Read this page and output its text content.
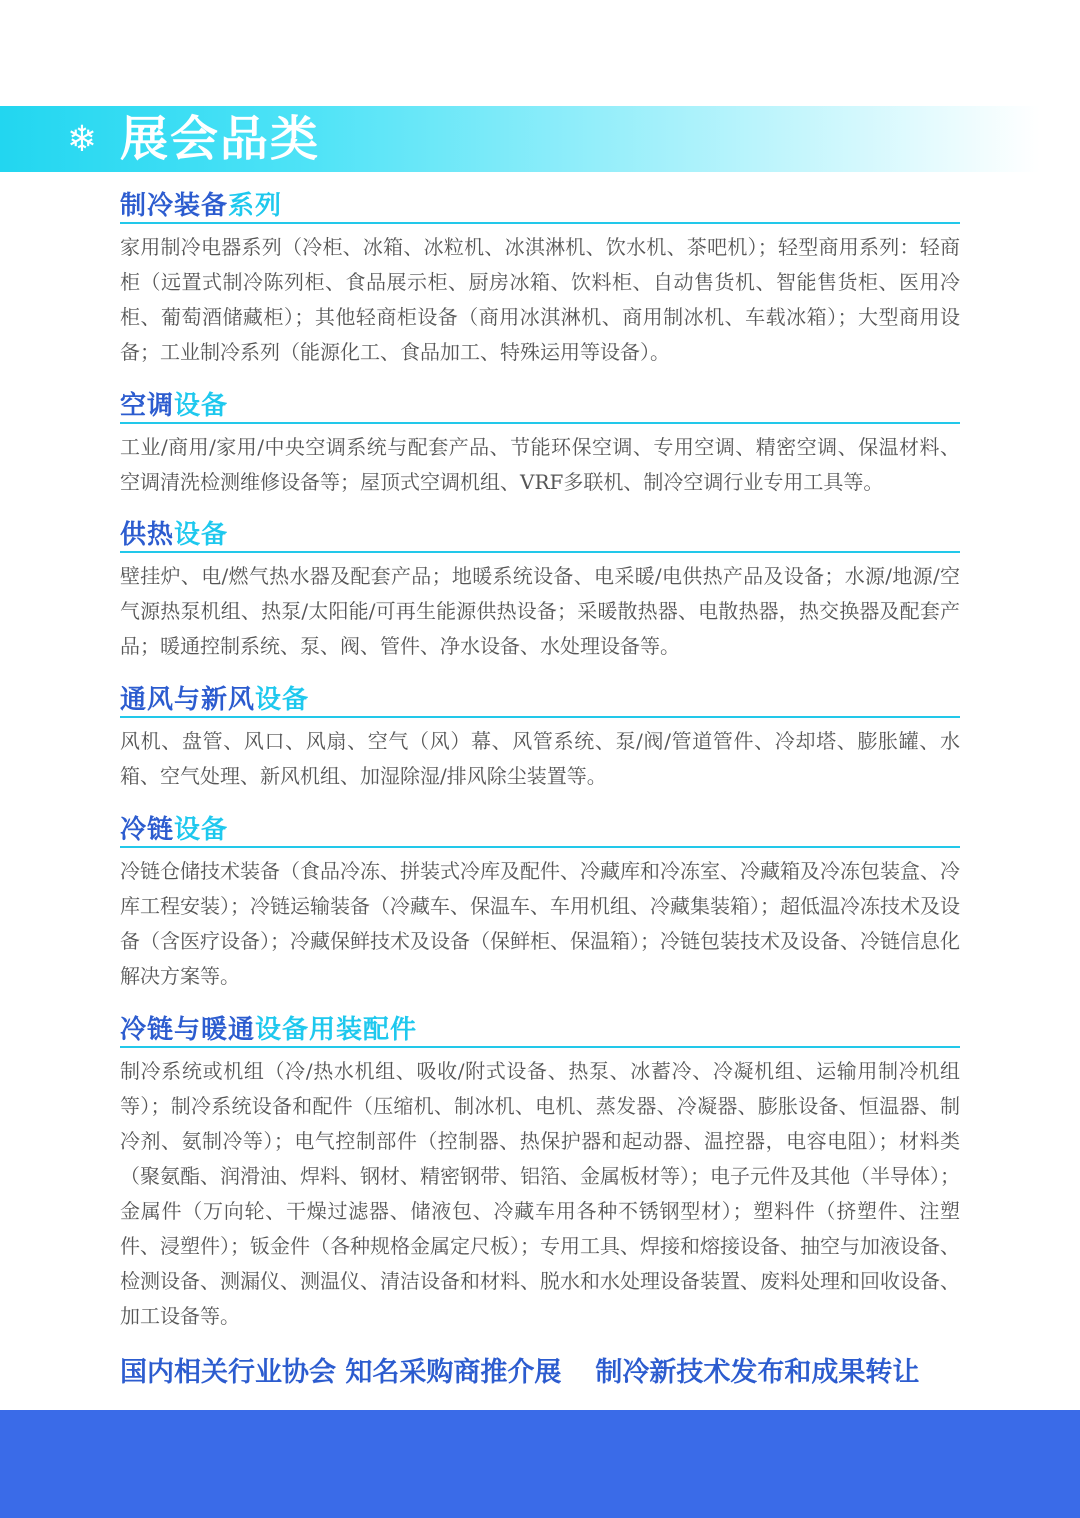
❄ 展会品类
制冷装备系列

家用制冷电器系列（冷柜、冰箱、冰粒机、冰淇淋机、饮水机、茶吧机）；轻型商用系列：轻商柜（远置式制冷陈列柜、食品展示柜、厨房冰箱、饮料柜、自动售货机、智能售货柜、医用冷柜、葡萄酒储藏柜）；其他轻商柜设备（商用冰淇淋机、商用制冰机、车载冰箱）；大型商用设备；工业制冷系列（能源化工、食品加工、特殊运用等设备）。

空调设备

工业/商用/家用/中央空调系统与配套产品、节能环保空调、专用空调、精密空调、保温材料、空调清洗检测维修设备等；屋顶式空调机组、VRF多联机、制冷空调行业专用工具等。

供热设备

壁挂炉、电/燃气热水器及配套产品；地暖系统设备、电采暖/电供热产品及设备；水源/地源/空气源热泵机组、热泵/太阳能/可再生能源供热设备；采暖散热器、电散热器，热交换器及配套产品；暖通控制系统、泵、阀、管件、净水设备、水处理设备等。

通风与新风设备

风机、盘管、风口、风扇、空气（风）幕、风管系统、泵/阀/管道管件、冷却塔、膨胀罐、水箱、空气处理、新风机组、加湿除湿/排风除尘装置等。

冷链设备

冷链仓储技术装备（食品冷冻、拼装式冷库及配件、冷藏库和冷冻室、冷藏箱及冷冻包装盒、冷库工程安装）；冷链运输装备（冷藏车、保温车、车用机组、冷藏集装箱）；超低温冷冻技术及设备（含医疗设备）；冷藏保鲜技术及设备（保鲜柜、保温箱）；冷链包装技术及设备、冷链信息化解决方案等。

冷链与暖通设备用装配件

制冷系统或机组（冷/热水机组、吸收/附式设备、热泵、冰蓄冷、冷凝机组、运输用制冷机组等）；制冷系统设备和配件（压缩机、制冰机、电机、蒸发器、冷凝器、膨胀设备、恒温器、制冷剂、氨制冷等）；电气控制部件（控制器、热保护器和起动器、温控器，电容电阻）；材料类（聚氨酯、润滑油、焊料、钢材、精密钢带、铝箔、金属板材等）；电子元件及其他（半导体）；金属件（万向轮、干燥过滤器、储液包、冷藏车用各种不锈钢型材）；塑料件（挤塑件、注塑件、浸塑件）；钣金件（各种规格金属定尺板）；专用工具、焊接和熔接设备、抽空与加液设备、检测设备、测漏仪、测温仪、清洁设备和材料、脱水和水处理设备装置、废料处理和回收设备、加工设备等。

国内相关行业协会 知名采购商推介展 制冷新技术发布和成果转让
